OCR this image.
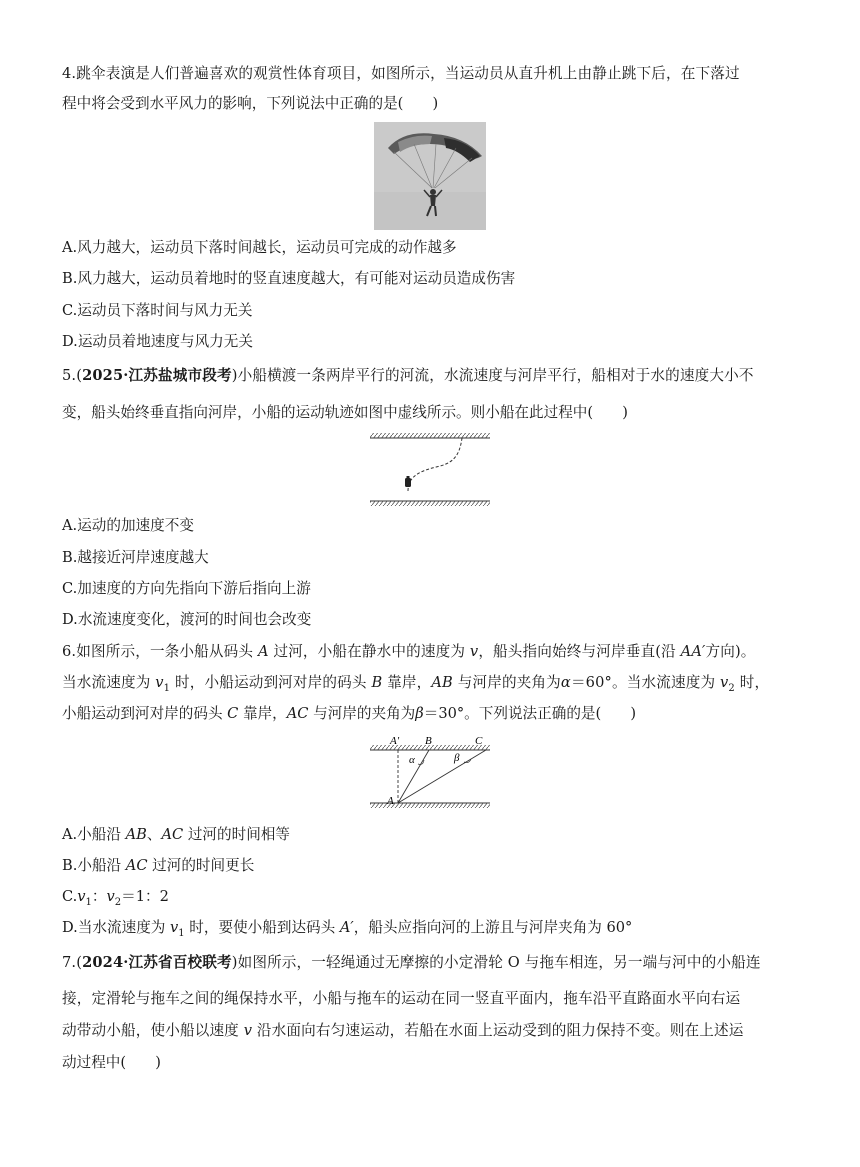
4.跳伞表演是人们普遍喜欢的观赏性体育项目，如图所示，当运动员从直升机上由静止跳下后，在下落过
程中将会受到水平风力的影响，下列说法中正确的是(　　)
A.风力越大，运动员下落时间越长，运动员可完成的动作越多
B.风力越大，运动员着地时的竖直速度越大，有可能对运动员造成伤害
C.运动员下落时间与风力无关
D.运动员着地速度与风力无关
5.(2025·江苏盐城市段考)小船横渡一条两岸平行的河流，水流速度与河岸平行，船相对于水的速度大小不
变，船头始终垂直指向河岸，小船的运动轨迹如图中虚线所示。则小船在此过程中(　　)
A.运动的加速度不变
B.越接近河岸速度越大
C.加速度的方向先指向下游后指向上游
D.水流速度变化，渡河的时间也会改变
6.如图所示，一条小船从码头 A 过河，小船在静水中的速度为 v，船头指向始终与河岸垂直(沿 AA′方向)。
当水流速度为 $v_1$ 时，小船运动到河对岸的码头 B 靠岸，AB 与河岸的夹角为α＝60°。当水流速度为 $v_2$ 时，
小船运动到河对岸的码头 C 靠岸，AC 与河岸的夹角为β＝30°。下列说法正确的是(　　)
A′ B	C
α	β
A
A.小船沿 AB、AC 过河的时间相等
B.小船沿 AC 过河的时间更长
$C.v_1$：$v_2=1$：2
D.当水流速度为 $v_1$ 时，要使小船到达码头 A′，船头应指向河的上游且与河岸夹角为 60°
7.(2024·江苏省百校联考)如图所示，一轻绳通过无摩擦的小定滑轮 O 与拖车相连，另一端与河中的小船连
接，定滑轮与拖车之间的绳保持水平，小船与拖车的运动在同一竖直平面内，拖车沿平直路面水平向右运
动带动小船，使小船以速度 v 沿水面向右匀速运动，若船在水面上运动受到的阻力保持不变。则在上述运
动过程中(　　)
